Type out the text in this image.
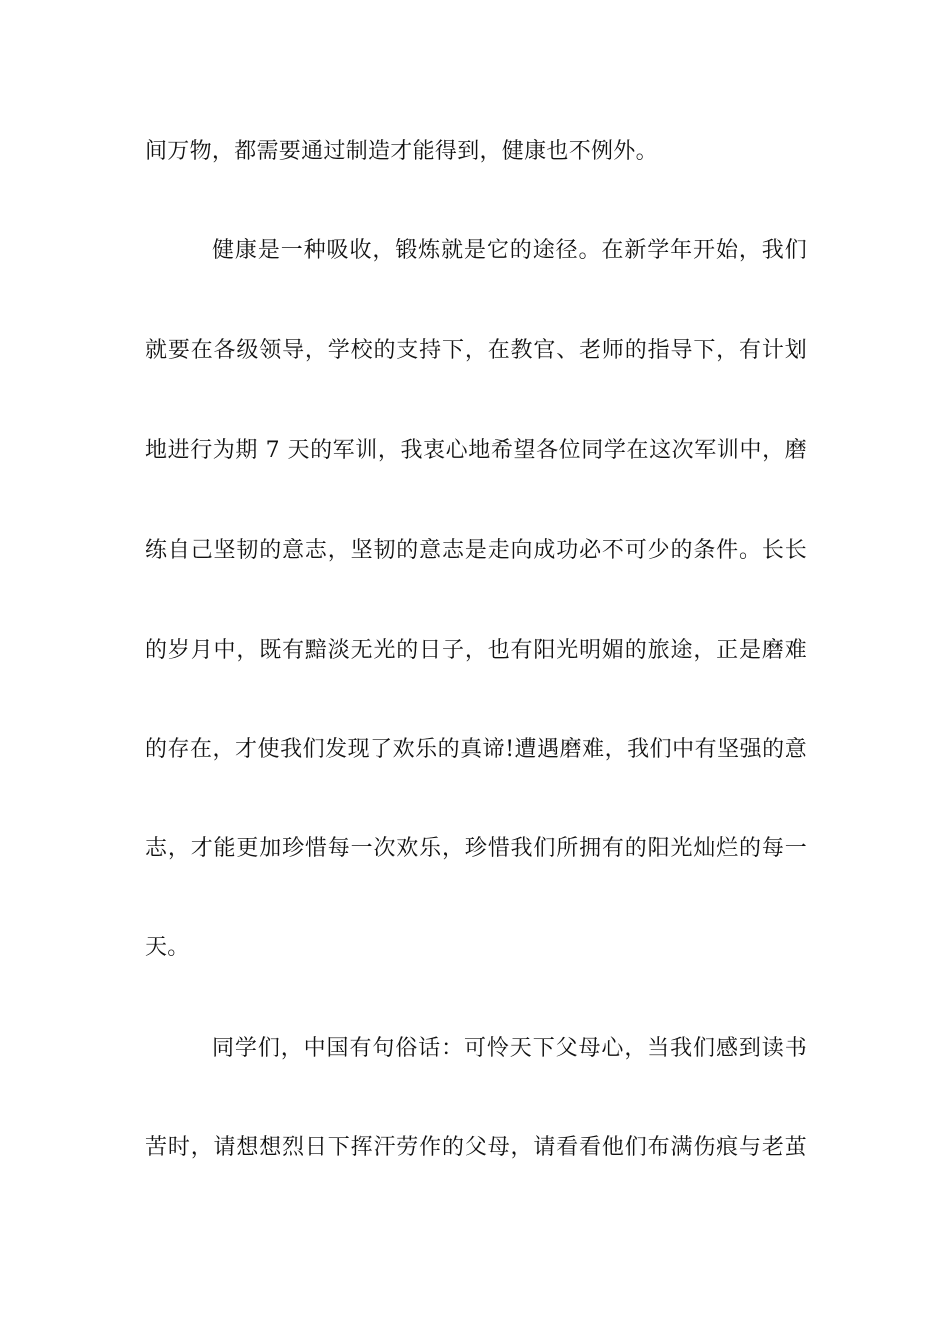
间万物，都需要通过制造才能得到，健康也不例外。
健康是一种吸收，锻炼就是它的途径。在新学年开始，我们
就要在各级领导，学校的支持下，在教官、老师的指导下，有计划
地进行为期 7 天的军训，我衷心地希望各位同学在这次军训中，磨
练自己坚韧的意志，坚韧的意志是走向成功必不可少的条件。长长
的岁月中，既有黯淡无光的日子，也有阳光明媚的旅途，正是磨难
的存在，才使我们发现了欢乐的真谛!遭遇磨难，我们中有坚强的意
志，才能更加珍惜每一次欢乐，珍惜我们所拥有的阳光灿烂的每一
天。
同学们，中国有句俗话：可怜天下父母心，当我们感到读书
苦时，请想想烈日下挥汗劳作的父母，请看看他们布满伤痕与老茧
